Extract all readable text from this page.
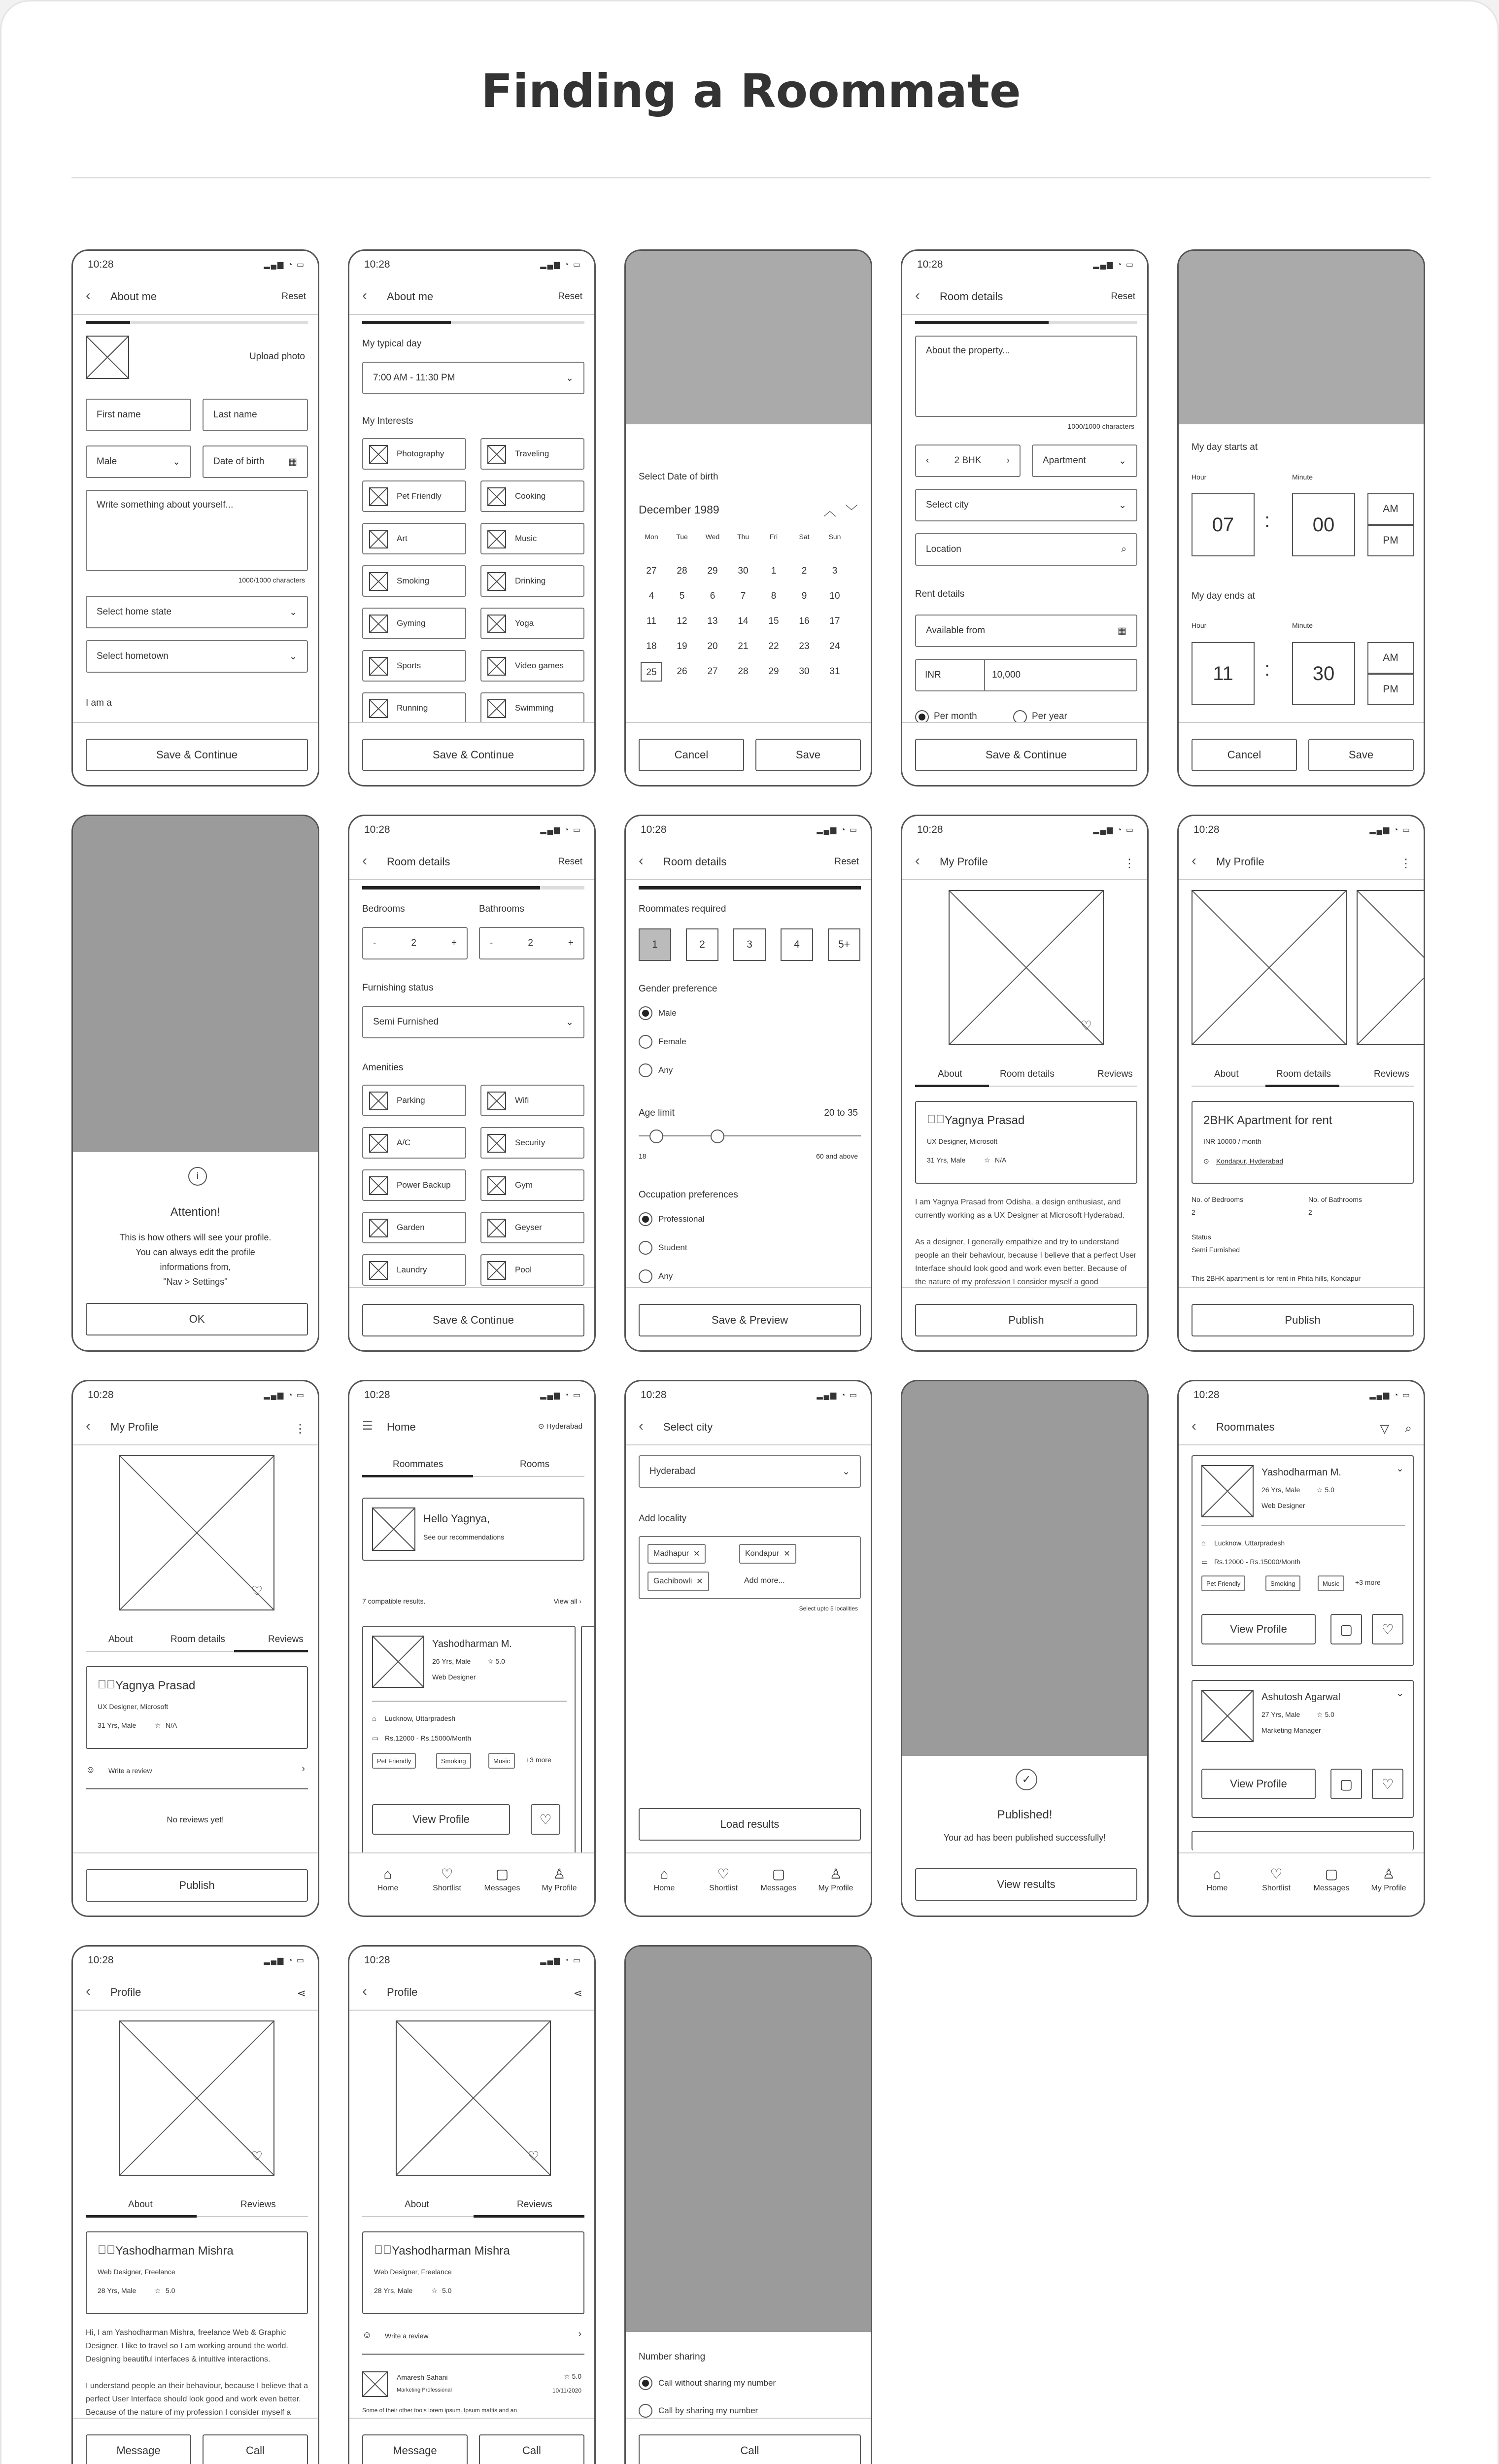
Finding a Roommate
10:28	▂▄▆ ◔ ▭
‹ About me	Reset
Upload photo
First name	Last name
Male	⌄	Date of birth	▦
Write something about yourself...
1000/1000 characters
Select home state	⌄
Select hometown	⌄
I am a
Save & Continue
10:28	▂▄▆ ◔ ▭
‹ About me	Reset
My typical day
7:00 AM - 11:30 PM	⌄
My Interests
Photography	Traveling
Pet Friendly	Cooking
Art	Music
Smoking	Drinking
Gyming	Yoga
Sports	Video games
Running	Swimming
Save & Continue
Select Date of birth
December 1989	︿ ﹀
Mon	Tue	Wed	Thu	Fri	Sat	Sun
27	28	29	30	1	2	3
4	5	6	7	8	9	10
11	12	13	14	15	16	17
18	19	20	21	22	23	24
25	26	27	28	29	30	31
Cancel	Save
10:28	▂▄▆ ◔ ▭
‹ Room details	Reset
About the property...
1000/1000 characters
‹	2 BHK	›	Apartment	⌄
Select city	⌄
Location	⌕
Rent details
Available from	▦
INR	10,000
Per month	Per year
Save & Continue
My day starts at
Hour	Minute
07	:	00
AM
PM
My day ends at
Hour	Minute
11	:	30
AM
PM
Cancel	Save
i
Attention!
This is how others will see your profile.
You can always edit the profile
informations from,
"Nav > Settings"
OK
10:28	▂▄▆ ◔ ▭
‹ Room details	Reset
Bedrooms	Bathrooms
-	2	+	-	2	+
Furnishing status
Semi Furnished	⌄
Amenities
Parking	Wifi
A/C	Security
Power Backup	Gym
Garden	Geyser
Laundry	Pool
Save & Continue
10:28	▂▄▆ ◔ ▭
‹ Room details	Reset
Roommates required
1	2	3	4	5+
Gender preference
Male
Female
Any
Age limit	20 to 35
18	60 and above
Occupation preferences
Professional
Student
Any
Save & Preview
10:28	▂▄▆ ◔ ▭
‹ My Profile	⋮
♡
About	Room details	Reviews
✓⃝ Yagnya Prasad
UX Designer, Microsoft
31 Yrs, Male	☆ N/A
I am Yagnya Prasad from Odisha, a design enthusiast, and
currently working as a UX Designer at Microsoft Hyderabad.

As a designer, I generally empathize and try to understand
people an their behaviour, because I believe that a perfect User
Interface should look good and work even better. Because of
the nature of my profession I consider myself a good
Publish
10:28	▂▄▆ ◔ ▭
‹ My Profile	⋮
About	Room details	Reviews
2BHK Apartment for rent
INR 10000 / month
⊙ Kondapur, Hyderabad
No. of Bedrooms	No. of Bathrooms
2	2
Status
Semi Furnished
This 2BHK apartment is for rent in Phita hills, Kondapur
Publish
10:28	▂▄▆ ◔ ▭
‹ My Profile	⋮
♡
About	Room details	Reviews
✓⃝ Yagnya Prasad
UX Designer, Microsoft
31 Yrs, Male	☆ N/A
☺ Write a review	›
No reviews yet!
Publish
10:28	▂▄▆ ◔ ▭
☰ Home	⊙ Hyderabad
Roommates	Rooms
Hello Yagnya,
See our recommendations
7 compatible results.	View all ›
Yashodharman M.
26 Yrs, Male ☆ 5.0
Web Designer
⌂ Lucknow, Uttarpradesh
▭ Rs.12000 - Rs.15000/Month
Pet Friendly	Smoking	Music	+3 more
View Profile	♡
⌂
Home
♡
Shortlist
▢
Messages
♙
My Profile
10:28	▂▄▆ ◔ ▭
‹ Select city
Hyderabad	⌄
Add locality
Madhapur
✕	Kondapur
✕
Gachibowli
✕	Add more...
Select upto 5 localities
Load results
⌂
Home
♡
Shortlist
▢
Messages
♙
My Profile
✓
Published!
Your ad has been published successfully!
View results
10:28	▂▄▆ ◔ ▭
‹ Roommates	▽ ⌕
Yashodharman M.	⌄
26 Yrs, Male ☆ 5.0
Web Designer
⌂ Lucknow, Uttarpradesh
▭ Rs.12000 - Rs.15000/Month
Pet Friendly	Smoking	Music	+3 more
View Profile	▢	♡
Ashutosh Agarwal	⌄
27 Yrs, Male ☆ 5.0
Marketing Manager
View Profile	▢	♡
⌂
Home
♡
Shortlist
▢
Messages
♙
My Profile
10:28	▂▄▆ ◔ ▭
‹ Profile	⋖
♡
About	Reviews
✓⃝ Yashodharman Mishra
Web Designer, Freelance
28 Yrs, Male	☆ 5.0
Hi, I am Yashodharman Mishra, freelance Web & Graphic
Designer. I like to travel so I am working around the world.
Designing beautiful interfaces & intuitive interactions.

I understand people an their behaviour, because I believe that a
perfect User Interface should look good and work even better.
Because of the nature of my profession I consider myself a
Message	Call
10:28	▂▄▆ ◔ ▭
‹ Profile	⋖
♡
About	Reviews
✓⃝ Yashodharman Mishra
Web Designer, Freelance
28 Yrs, Male	☆ 5.0
☺ Write a review	›
Amaresh Sahani
Marketing Professional
☆ 5.0
10/11/2020
Some of their other tools lorem ipsum. Ipsum mattis and an
Message	Call
Number sharing
Call without sharing my number
Call by sharing my number
Call
